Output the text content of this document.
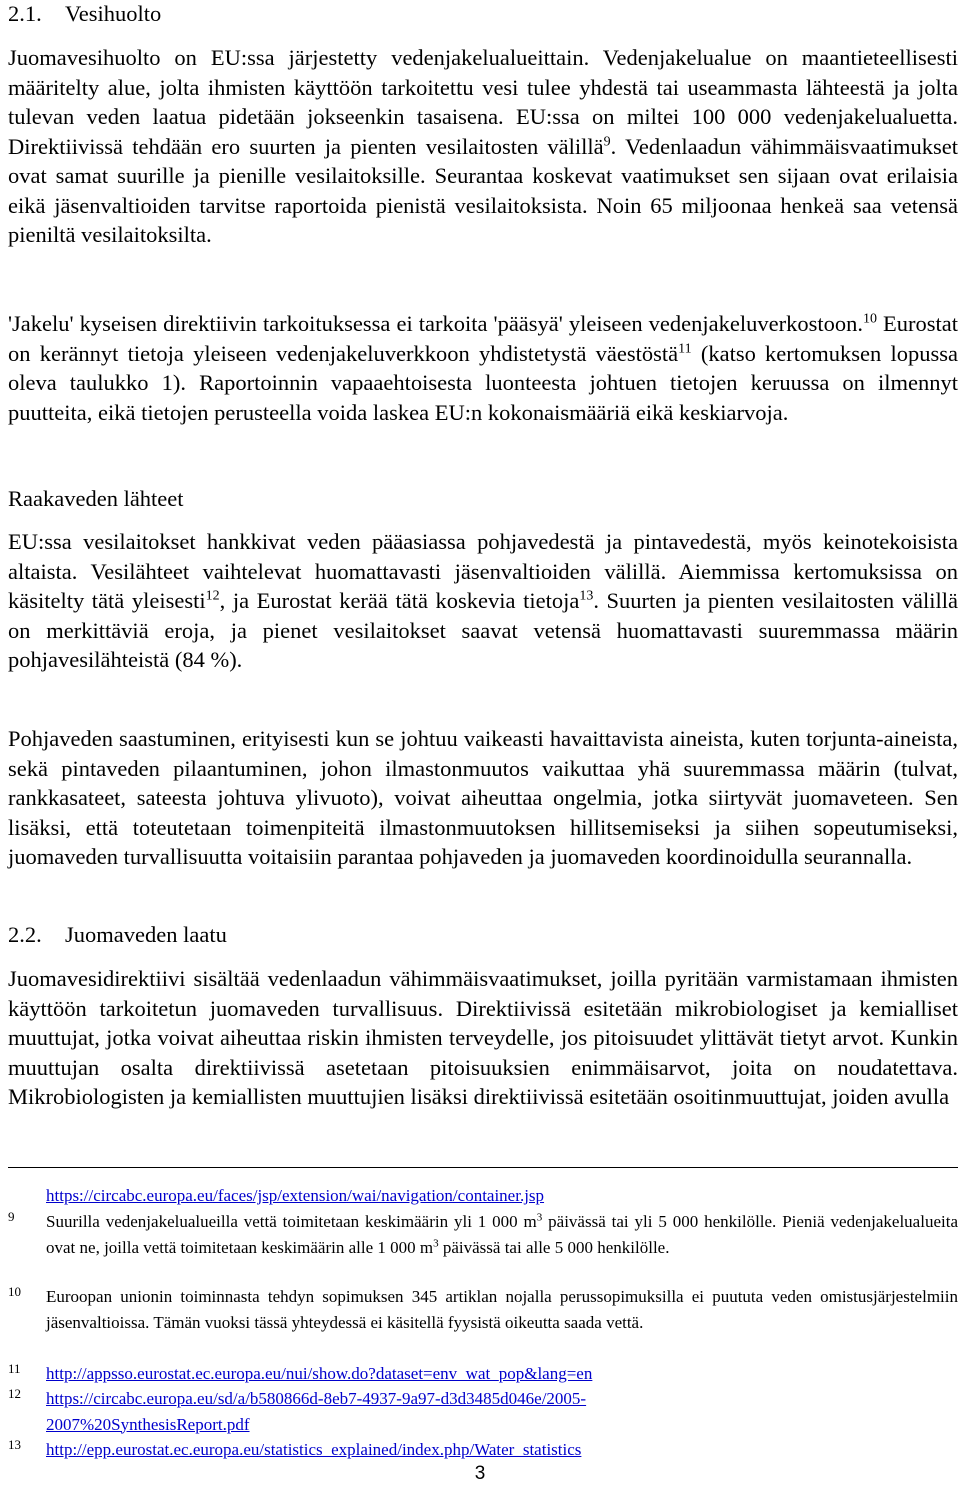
2.1. Vesihuolto

Juomavesihuolto on EU:ssa järjestetty vedenjakelualueittain. Vedenjakelualue on maantieteellisesti määritelty alue, jolta ihmisten käyttöön tarkoitettu vesi tulee yhdestä tai useammasta lähteestä ja jolta tulevan veden laatua pidetään jokseenkin tasaisena. EU:ssa on miltei 100 000 vedenjakelualuetta. Direktiivissä tehdään ero suurten ja pienten vesilaitosten välillä$^9$. Vedenlaadun vähimmäisvaatimukset ovat samat suurille ja pienille vesilaitoksille. Seurantaa koskevat vaatimukset sen sijaan ovat erilaisia eikä jäsenvaltioiden tarvitse raportoida pienistä vesilaitoksista. Noin 65 miljoonaa henkeä saa vetensä pieniltä vesilaitoksilta.

'Jakelu' kyseisen direktiivin tarkoituksessa ei tarkoita 'pääsyä' yleiseen vedenjakeluverkostoon.$^{10}$ Eurostat on kerännyt tietoja yleiseen vedenjakeluverkkoon yhdistetystä väestöstä$^{11}$ (katso kertomuksen lopussa oleva taulukko 1). Raportoinnin vapaaehtoisesta luonteesta johtuen tietojen keruussa on ilmennyt puutteita, eikä tietojen perusteella voida laskea EU:n kokonaismääriä eikä keskiarvoja.

Raakaveden lähteet

EU:ssa vesilaitokset hankkivat veden pääasiassa pohjavedestä ja pintavedestä, myös keinotekoisista altaista. Vesilähteet vaihtelevat huomattavasti jäsenvaltioiden välillä. Aiemmissa kertomuksissa on käsitelty tätä yleisesti$^{12}$, ja Eurostat kerää tätä koskevia tietoja$^{13}$. Suurten ja pienten vesilaitosten välillä on merkittäviä eroja, ja pienet vesilaitokset saavat vetensä huomattavasti suuremmassa määrin pohjavesilähteistä (84 %).

Pohjaveden saastuminen, erityisesti kun se johtuu vaikeasti havaittavista aineista, kuten torjunta-aineista, sekä pintaveden pilaantuminen, johon ilmastonmuutos vaikuttaa yhä suuremmassa määrin (tulvat, rankkasateet, sateesta johtuva ylivuoto), voivat aiheuttaa ongelmia, jotka siirtyvät juomaveteen. Sen lisäksi, että toteutetaan toimenpiteitä ilmastonmuutoksen hillitsemiseksi ja siihen sopeutumiseksi, juomaveden turvallisuutta voitaisiin parantaa pohjaveden ja juomaveden koordinoidulla seurannalla.

2.2. Juomaveden laatu

Juomavesidirektiivi sisältää vedenlaadun vähimmäisvaatimukset, joilla pyritään varmistamaan ihmisten käyttöön tarkoitetun juomaveden turvallisuus. Direktiivissä esitetään mikrobiologiset ja kemialliset muuttujat, jotka voivat aiheuttaa riskin ihmisten terveydelle, jos pitoisuudet ylittävät tietyt arvot. Kunkin muuttujan osalta direktiivissä asetetaan pitoisuuksien enimmäisarvot, joita on noudatettava. Mikrobiologisten ja kemiallisten muuttujien lisäksi direktiivissä esitetään osoitinmuuttujat, joiden avulla

https://circabc.europa.eu/faces/jsp/extension/wai/navigation/container.jsp

9 Suurilla vedenjakelualueilla vettä toimitetaan keskimäärin yli 1 000 $m^3$ päivässä tai yli 5 000 henkilölle. Pieniä vedenjakelualueita ovat ne, joilla vettä toimitetaan keskimäärin alle 1 000 $m^3$ päivässä tai alle 5 000 henkilölle.

10 Euroopan unionin toiminnasta tehdyn sopimuksen 345 artiklan nojalla perussopimuksilla ei puututa veden omistusjärjestelmiin jäsenvaltioissa. Tämän vuoksi tässä yhteydessä ei käsitellä fyysistä oikeutta saada vettä.

11 http://appsso.eurostat.ec.europa.eu/nui/show.do?dataset=env_wat_pop&lang=en

12 https://circabc.europa.eu/sd/a/b580866d-8eb7-4937-9a97-d3d3485d046e/2005-
2007%20SynthesisReport.pdf

13 http://epp.eurostat.ec.europa.eu/statistics_explained/index.php/Water_statistics

3
